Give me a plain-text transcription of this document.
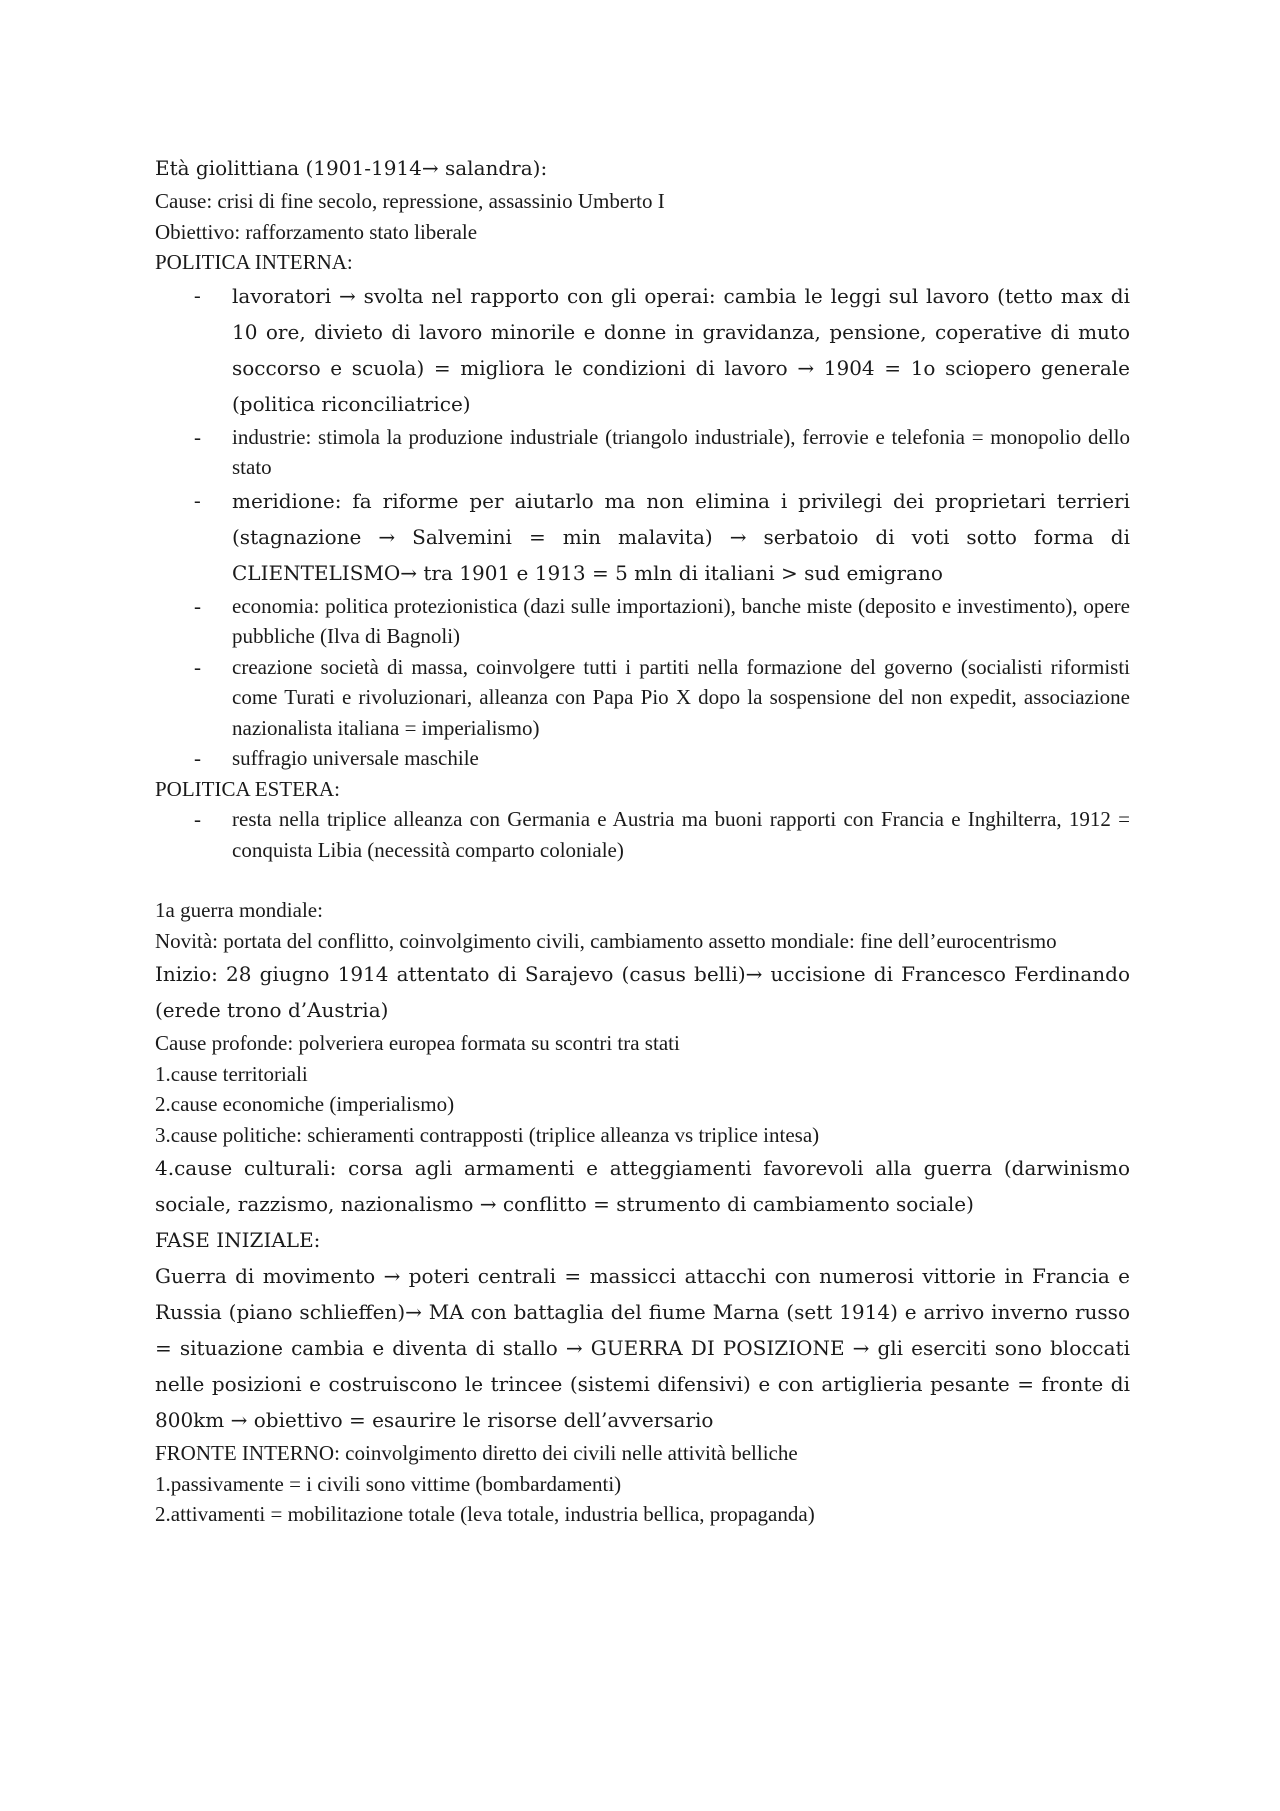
Età giolittiana (1901-1914→ salandra):

Cause: crisi di fine secolo, repressione, assassinio Umberto I

Obiettivo: rafforzamento stato liberale

POLITICA INTERNA:

- lavoratori → svolta nel rapporto con gli operai: cambia le leggi sul lavoro (tetto max di 10 ore, divieto di lavoro minorile e donne in gravidanza, pensione, coperative di muto soccorso e scuola) = migliora le condizioni di lavoro → 1904 = 1o sciopero generale (politica riconciliatrice)
- industrie: stimola la produzione industriale (triangolo industriale), ferrovie e telefonia = monopolio dello stato
- meridione: fa riforme per aiutarlo ma non elimina i privilegi dei proprietari terrieri (stagnazione → Salvemini = min malavita) → serbatoio di voti sotto forma di CLIENTELISMO→ tra 1901 e 1913 = 5 mln di italiani > sud emigrano
- economia: politica protezionistica (dazi sulle importazioni), banche miste (deposito e investimento), opere pubbliche (Ilva di Bagnoli)
- creazione società di massa, coinvolgere tutti i partiti nella formazione del governo (socialisti riformisti come Turati e rivoluzionari, alleanza con Papa Pio X dopo la sospensione del non expedit, associazione nazionalista italiana = imperialismo)
- suffragio universale maschile

POLITICA ESTERA:

- resta nella triplice alleanza con Germania e Austria ma buoni rapporti con Francia e Inghilterra, 1912 = conquista Libia (necessità comparto coloniale)

1a guerra mondiale:

Novità: portata del conflitto, coinvolgimento civili, cambiamento assetto mondiale: fine dell’eurocentrismo

Inizio: 28 giugno 1914 attentato di Sarajevo (casus belli)→ uccisione di Francesco Ferdinando (erede trono d’Austria)

Cause profonde: polveriera europea formata su scontri tra stati

1.cause territoriali

2.cause economiche (imperialismo)

3.cause politiche: schieramenti contrapposti (triplice alleanza vs triplice intesa)

4.cause culturali: corsa agli armamenti e atteggiamenti favorevoli alla guerra (darwinismo sociale, razzismo, nazionalismo → conflitto = strumento di cambiamento sociale)

FASE INIZIALE:

Guerra di movimento → poteri centrali = massicci attacchi con numerosi vittorie in Francia e Russia (piano schlieffen)→ MA con battaglia del fiume Marna (sett 1914) e arrivo inverno russo = situazione cambia e diventa di stallo → GUERRA DI POSIZIONE → gli eserciti sono bloccati nelle posizioni e costruiscono le trincee (sistemi difensivi) e con artiglieria pesante = fronte di 800km → obiettivo = esaurire le risorse dell’avversario

FRONTE INTERNO: coinvolgimento diretto dei civili nelle attività belliche

1.passivamente = i civili sono vittime (bombardamenti)

2.attivamenti = mobilitazione totale (leva totale, industria bellica, propaganda)
